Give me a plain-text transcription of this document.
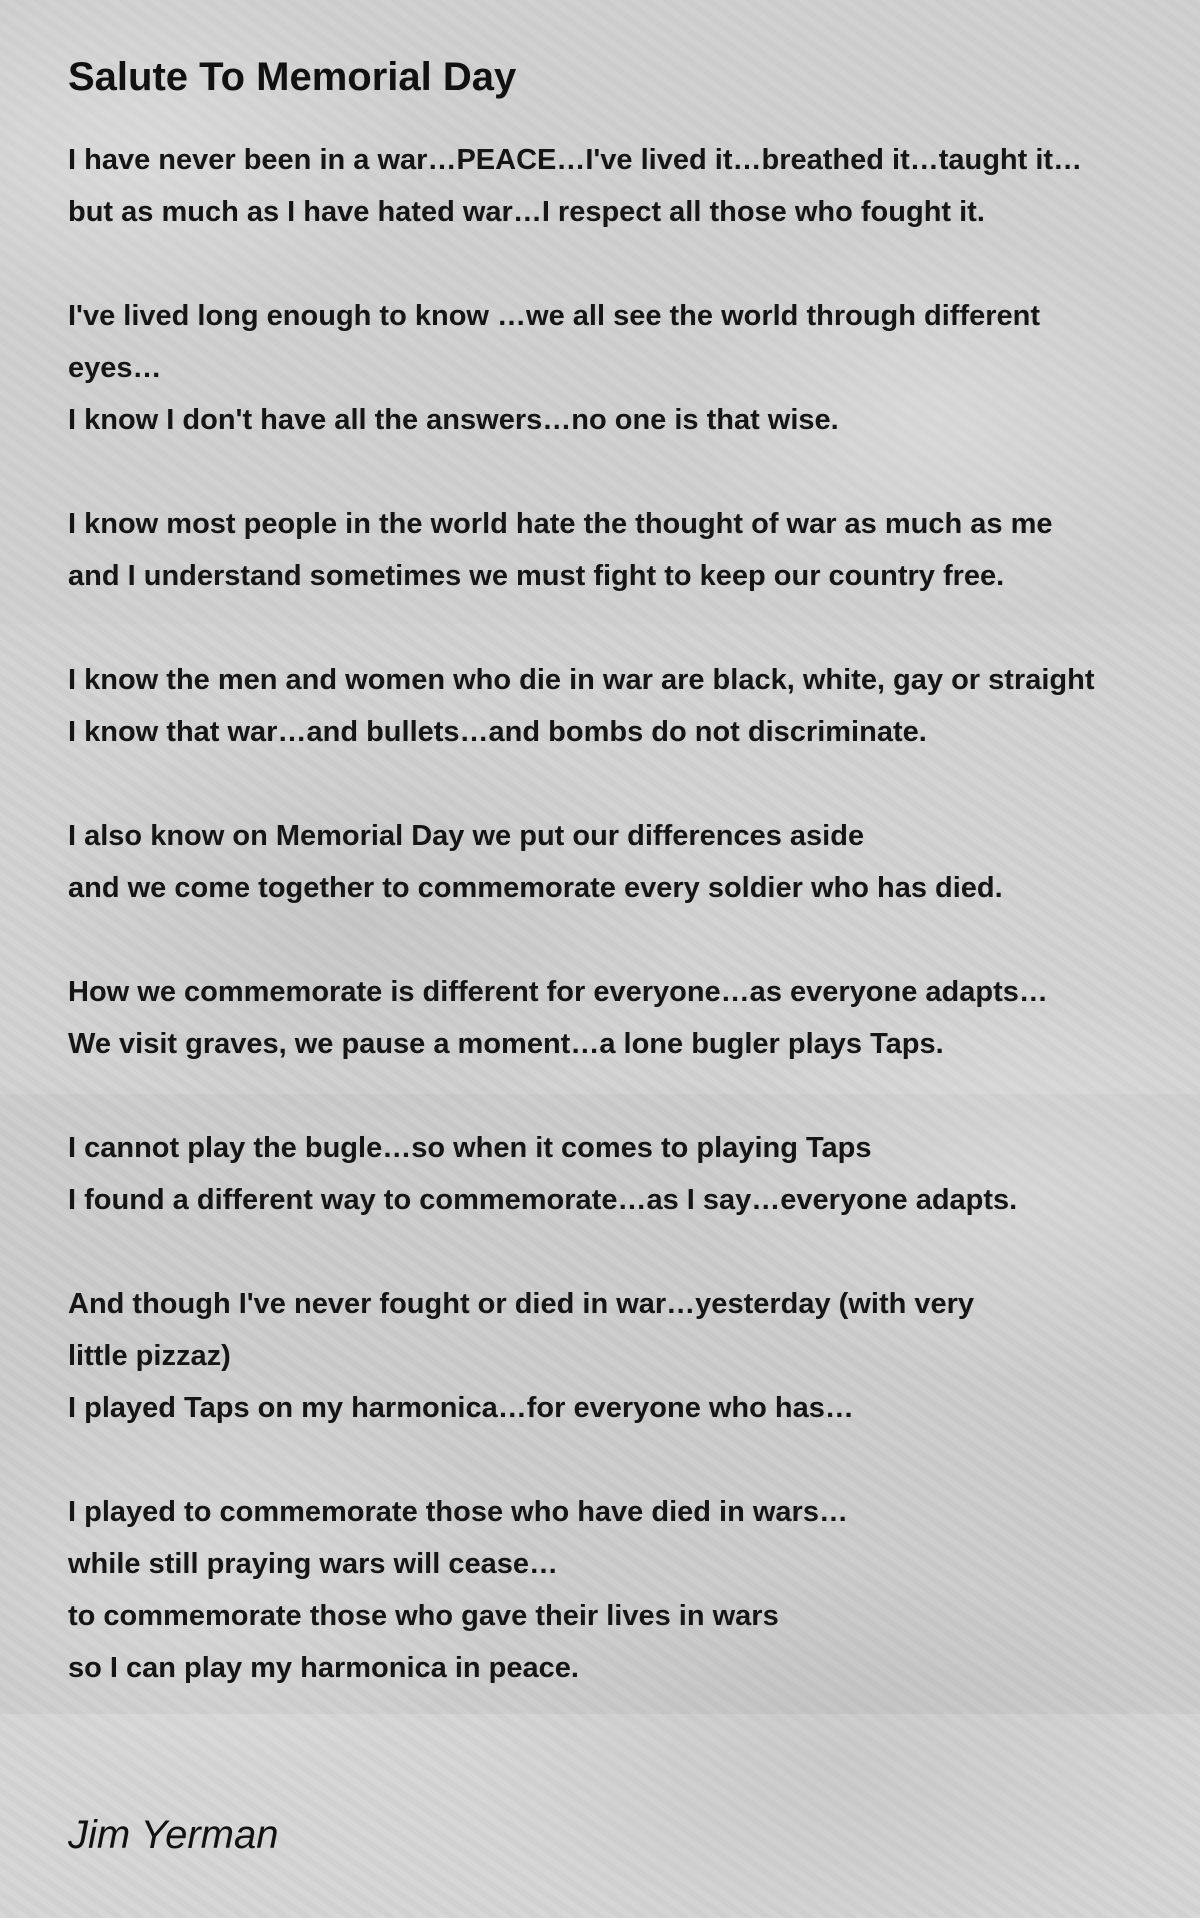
Salute To Memorial Day
I have never been in a war…PEACE…I've lived it…breathed it…taught it…
but as much as I have hated war…I respect all those who fought it.
I've lived long enough to know …we all see the world through different
eyes…
I know I don't have all the answers…no one is that wise.
I know most people in the world hate the thought of war as much as me
and I understand sometimes we must fight to keep our country free.
I know the men and women who die in war are black, white, gay or straight
I know that war…and bullets…and bombs do not discriminate.
I also know on Memorial Day we put our differences aside
and we come together to commemorate every soldier who has died.
How we commemorate is different for everyone…as everyone adapts…
We visit graves, we pause a moment…a lone bugler plays Taps.
I cannot play the bugle…so when it comes to playing Taps
I found a different way to commemorate…as I say…everyone adapts.
And though I've never fought or died in war…yesterday (with very
little pizzaz)
I played Taps on my harmonica…for everyone who has…
I played to commemorate those who have died in wars…
while still praying wars will cease…
to commemorate those who gave their lives in wars
so I can play my harmonica in peace.
Jim Yerman
